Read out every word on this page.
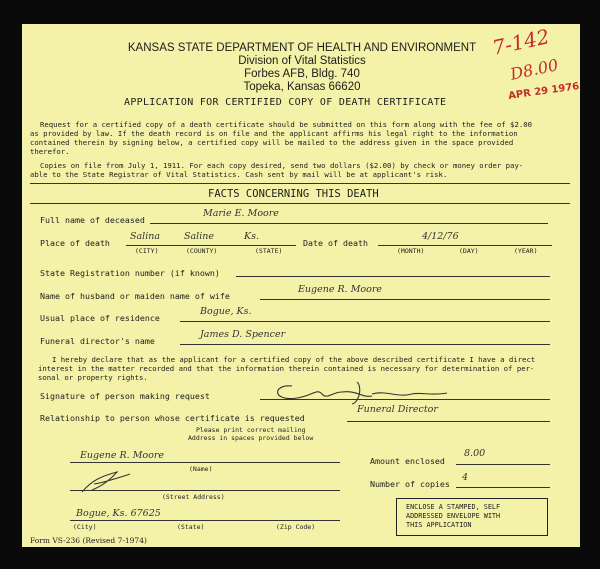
KANSAS STATE DEPARTMENT OF HEALTH AND ENVIRONMENT
Division of Vital Statistics
Forbes AFB, Bldg. 740
Topeka, Kansas 66620
APPLICATION FOR CERTIFIED COPY OF DEATH CERTIFICATE
7-142
D8.00
APR 29 1976
Request for a certified copy of a death certificate should be submitted on this form along with the fee of $2.00
as provided by law. If the death record is on file and the applicant affirms his legal right to the information
contained therein by signing below, a certified copy will be mailed to the address given in the space provided
therefor.
Copies on file from July 1, 1911. For each copy desired, send two dollars ($2.00) by check or money order pay-
able to the State Registrar of Vital Statistics. Cash sent by mail will be at applicant's risk.
FACTS CONCERNING THIS DEATH
Full name of deceased
Marie E. Moore
Place of death
Salina	Saline	Ks.
(CITY)	(COUNTY)	(STATE)
Date of death
4/12/76
(MONTH)	(DAY)	(YEAR)
State Registration number (if known)
Name of husband or maiden name of wife
Eugene R. Moore
Usual place of residence
Bogue, Ks.
Funeral director's name
James D. Spencer
I hereby declare that as the applicant for a certified copy of the above described certificate I have a direct
interest in the matter recorded and that the information therein contained is necessary for determination of per-
sonal or property rights.
Signature of person making request
Relationship to person whose certificate is requested
Funeral Director
Please print correct mailing
Address in spaces provided below
Eugene R. Moore
(Name)
(Street Address)
Bogue, Ks. 67625
(City)	(State)	(Zip Code)
Amount enclosed
8.00
Number of copies
4
ENCLOSE A STAMPED, SELF
ADDRESSED ENVELOPE WITH
THIS APPLICATION
Form VS-236 (Revised 7-1974)
